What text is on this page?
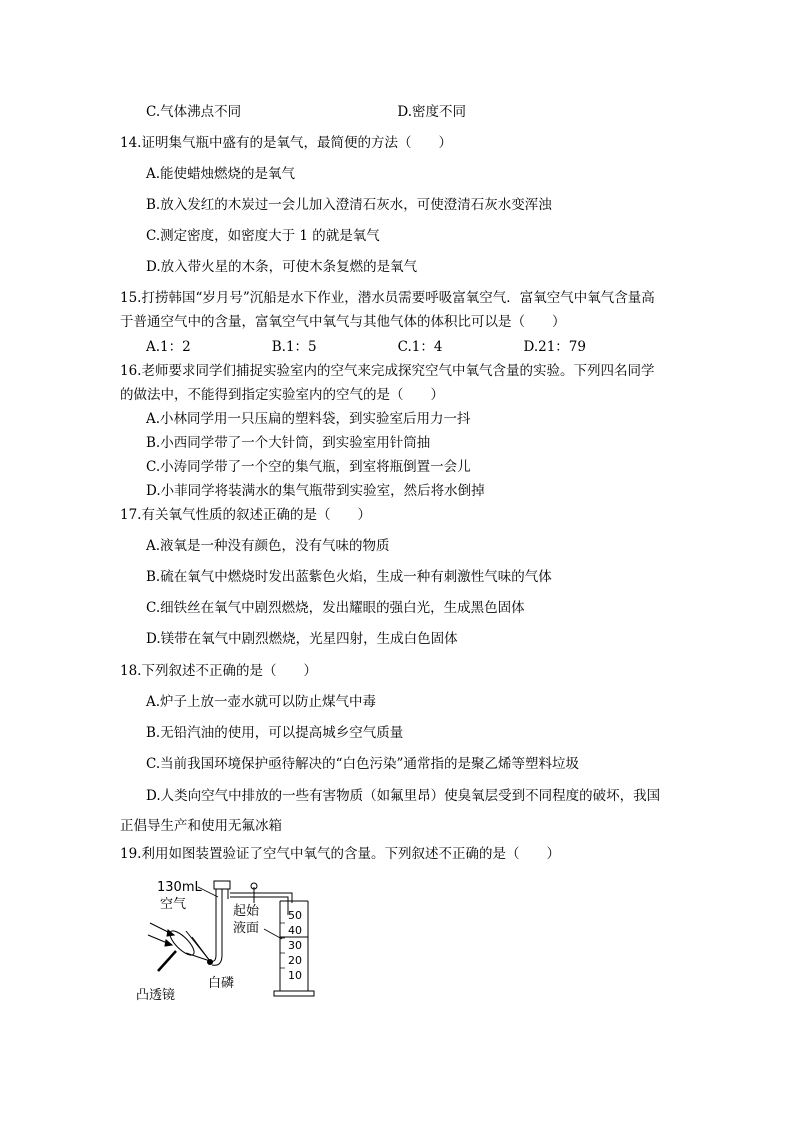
C.气体沸点不同	D.密度不同
14.证明集气瓶中盛有的是氧气，最简便的方法（　　）
A.能使蜡烛燃烧的是氧气
B.放入发红的木炭过一会儿加入澄清石灰水，可使澄清石灰水变浑浊
C.测定密度，如密度大于 1 的就是氧气
D.放入带火星的木条，可使木条复燃的是氧气
15.打捞韩国“岁月号”沉船是水下作业，潜水员需要呼吸富氧空气．富氧空气中氧气含量高
于普通空气中的含量，富氧空气中氧气与其他气体的体积比可以是（　　）
A.1：2	B.1：5	C.1：4	D.21：79
16.老师要求同学们捕捉实验室内的空气来完成探究空气中氧气含量的实验。下列四名同学
的做法中，不能得到指定实验室内的空气的是（　　）
A.小林同学用一只压扁的塑料袋，到实验室后用力一抖
B.小西同学带了一个大针筒，到实验室用针筒抽
C.小涛同学带了一个空的集气瓶，到室将瓶倒置一会儿
D.小菲同学将装满水的集气瓶带到实验室，然后将水倒掉
17.有关氧气性质的叙述正确的是（　　）
A.液氧是一种没有颜色，没有气味的物质
B.硫在氧气中燃烧时发出蓝紫色火焰，生成一种有刺激性气味的气体
C.细铁丝在氧气中剧烈燃烧，发出耀眼的强白光，生成黑色固体
D.镁带在氧气中剧烈燃烧，光星四射，生成白色固体
18.下列叙述不正确的是（　　）
A.炉子上放一壶水就可以防止煤气中毒
B.无铅汽油的使用，可以提高城乡空气质量
C.当前我国环境保护亟待解决的“白色污染”通常指的是聚乙烯等塑料垃圾
D.人类向空气中排放的一些有害物质（如氟里昂）使臭氧层受到不同程度的破坏，我国
正倡导生产和使用无氟冰箱
19.利用如图装置验证了空气中氧气的含量。下列叙述不正确的是（　　）
130mL
空气	起始
液面
50
40
30
20
10
白磷
凸透镜
